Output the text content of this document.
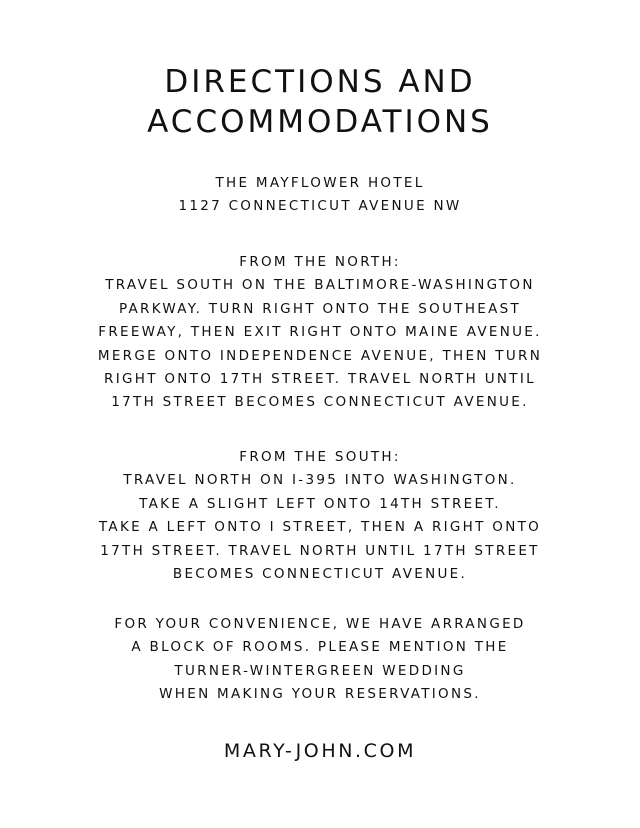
DIRECTIONS AND
ACCOMMODATIONS
THE MAYFLOWER HOTEL
1127 CONNECTICUT AVENUE NW
FROM THE NORTH:
TRAVEL SOUTH ON THE BALTIMORE-WASHINGTON
PARKWAY. TURN RIGHT ONTO THE SOUTHEAST
FREEWAY, THEN EXIT RIGHT ONTO MAINE AVENUE.
MERGE ONTO INDEPENDENCE AVENUE, THEN TURN
RIGHT ONTO 17TH STREET. TRAVEL NORTH UNTIL
17TH STREET BECOMES CONNECTICUT AVENUE.
FROM THE SOUTH:
TRAVEL NORTH ON I-395 INTO WASHINGTON.
TAKE A SLIGHT LEFT ONTO 14TH STREET.
TAKE A LEFT ONTO I STREET, THEN A RIGHT ONTO
17TH STREET. TRAVEL NORTH UNTIL 17TH STREET
BECOMES CONNECTICUT AVENUE.
FOR YOUR CONVENIENCE, WE HAVE ARRANGED
A BLOCK OF ROOMS. PLEASE MENTION THE
TURNER-WINTERGREEN WEDDING
WHEN MAKING YOUR RESERVATIONS.
MARY-JOHN.COM
